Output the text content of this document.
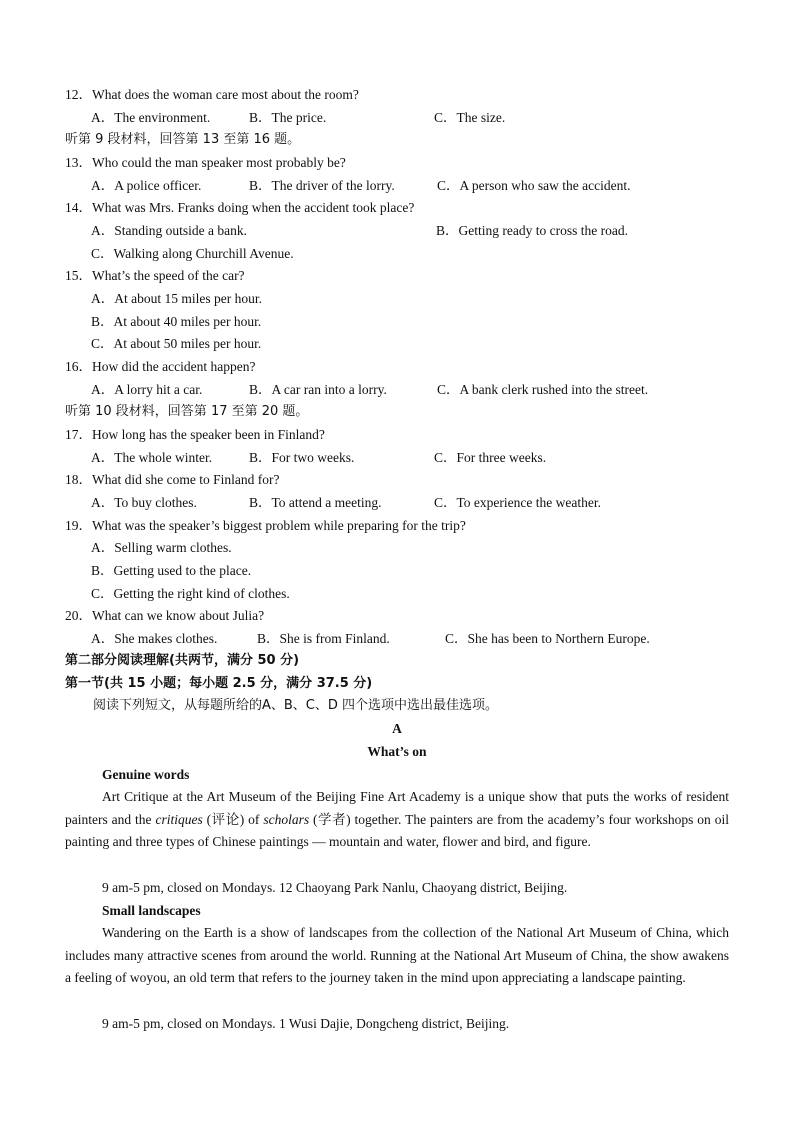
12．What does the woman care most about the room?
A．The environment.	B．The price.	C．The size.
听第 9 段材料，回答第 13 至第 16 题。
13．Who could the man speaker most probably be?
A．A police officer.	B．The driver of the lorry.	C．A person who saw the accident.
14．What was Mrs. Franks doing when the accident took place?
A．Standing outside a bank.	B．Getting ready to cross the road.
C．Walking along Churchill Avenue.
15．What’s the speed of the car?
A．At about 15 miles per hour.
B．At about 40 miles per hour.
C．At about 50 miles per hour.
16．How did the accident happen?
A．A lorry hit a car.	B．A car ran into a lorry.	C．A bank clerk rushed into the street.
听第 10 段材料，回答第 17 至第 20 题。
17．How long has the speaker been in Finland?
A．The whole winter.	B．For two weeks.	C．For three weeks.
18．What did she come to Finland for?
A．To buy clothes.	B．To attend a meeting.	C．To experience the weather.
19．What was the speaker’s biggest problem while preparing for the trip?
A．Selling warm clothes.
B．Getting used to the place.
C．Getting the right kind of clothes.
20．What can we know about Julia?
A．She makes clothes.	B．She is from Finland.	C．She has been to Northern Europe.
第二部分阅读理解(共两节，满分 50 分)
第一节(共 15 小题；每小题 2.5 分，满分 37.5 分)
阅读下列短文，从每题所给的A、B、C、D 四个选项中选出最佳选项。
A
What’s on
Genuine words
Art Critique at the Art Museum of the Beijing Fine Art Academy is a unique show that puts the works of resident painters and the critiques (评论) of scholars (学者) together. The painters are from the academy’s four workshops on oil painting and three types of Chinese paintings — mountain and water, flower and bird, and figure.
9 am-5 pm, closed on Mondays. 12 Chaoyang Park Nanlu, Chaoyang district, Beijing.
Small landscapes
Wandering on the Earth is a show of landscapes from the collection of the National Art Museum of China, which includes many attractive scenes from around the world. Running at the National Art Museum of China, the show awakens a feeling of woyou, an old term that refers to the journey taken in the mind upon appreciating a landscape painting.
9 am-5 pm, closed on Mondays. 1 Wusi Dajie, Dongcheng district, Beijing.
